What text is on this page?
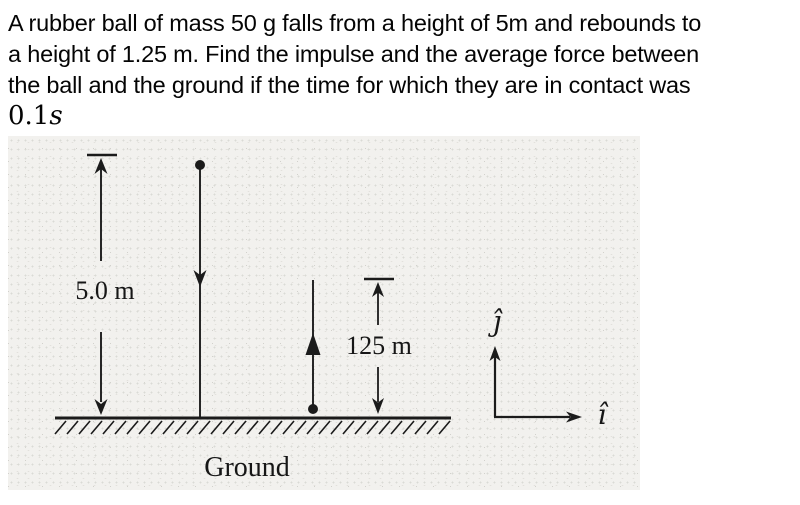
A rubber ball of mass 50 g falls from a height of 5m and rebounds to
a height of 1.25 m. Find the impulse and the average force between
the ball and the ground if the time for which they are in contact was
0.1s
5.0 m
125 m
Ground
ĵ
î
